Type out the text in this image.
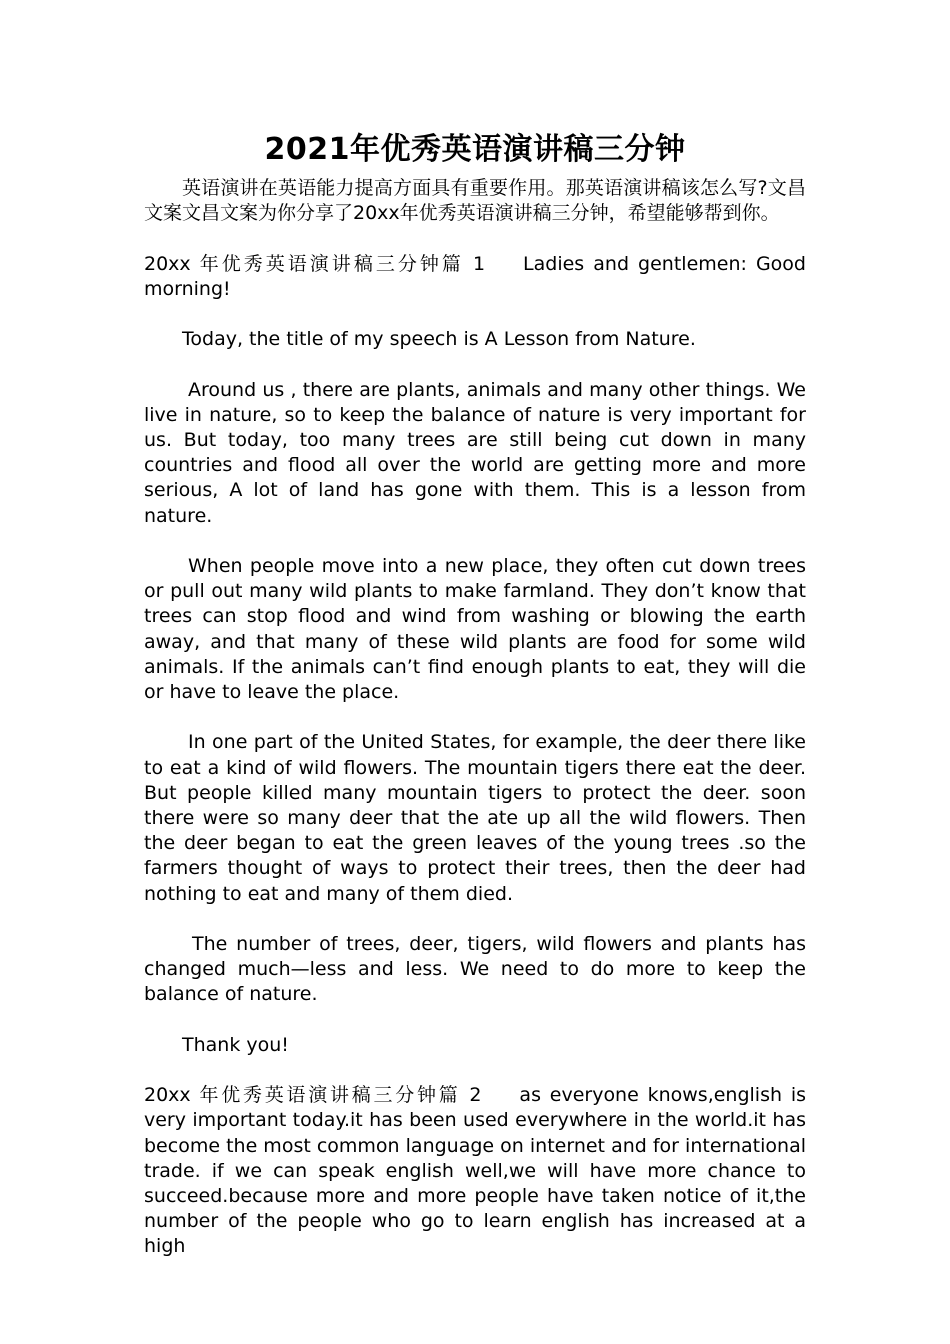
2021年优秀英语演讲稿三分钟
英语演讲在英语能力提高方面具有重要作用。那英语演讲稿该怎么写?文昌文案文昌文案为你分享了20xx年优秀英语演讲稿三分钟，希望能够帮到你。
20xx 年优秀英语演讲稿三分钟篇 1 Ladies and gentlemen: Good morning!
Today, the title of my speech is A Lesson from Nature.
Around us , there are plants, animals and many other things. We live in nature, so to keep the balance of nature is very important for us. But today, too many trees are still being cut down in many countries and flood all over the world are getting more and more serious, A lot of land has gone with them. This is a lesson from nature.
When people move into a new place, they often cut down trees or pull out many wild plants to make farmland. They don’t know that trees can stop flood and wind from washing or blowing the earth away, and that many of these wild plants are food for some wild animals. If the animals can’t find enough plants to eat, they will die or have to leave the place.
In one part of the United States, for example, the deer there like to eat a kind of wild flowers. The mountain tigers there eat the deer. But people killed many mountain tigers to protect the deer. soon there were so many deer that the ate up all the wild flowers. Then the deer began to eat the green leaves of the young trees .so the farmers thought of ways to protect their trees, then the deer had nothing to eat and many of them died.
The number of trees, deer, tigers, wild flowers and plants has changed much—less and less. We need to do more to keep the balance of nature.
Thank you!
20xx 年优秀英语演讲稿三分钟篇 2 as everyone knows,english is very important today.it has been used everywhere in the world.it has become the most common language on internet and for international trade. if we can speak english well,we will have more chance to succeed.because more and more people have taken notice of it,the number of the people who go to learn english has increased at a high
